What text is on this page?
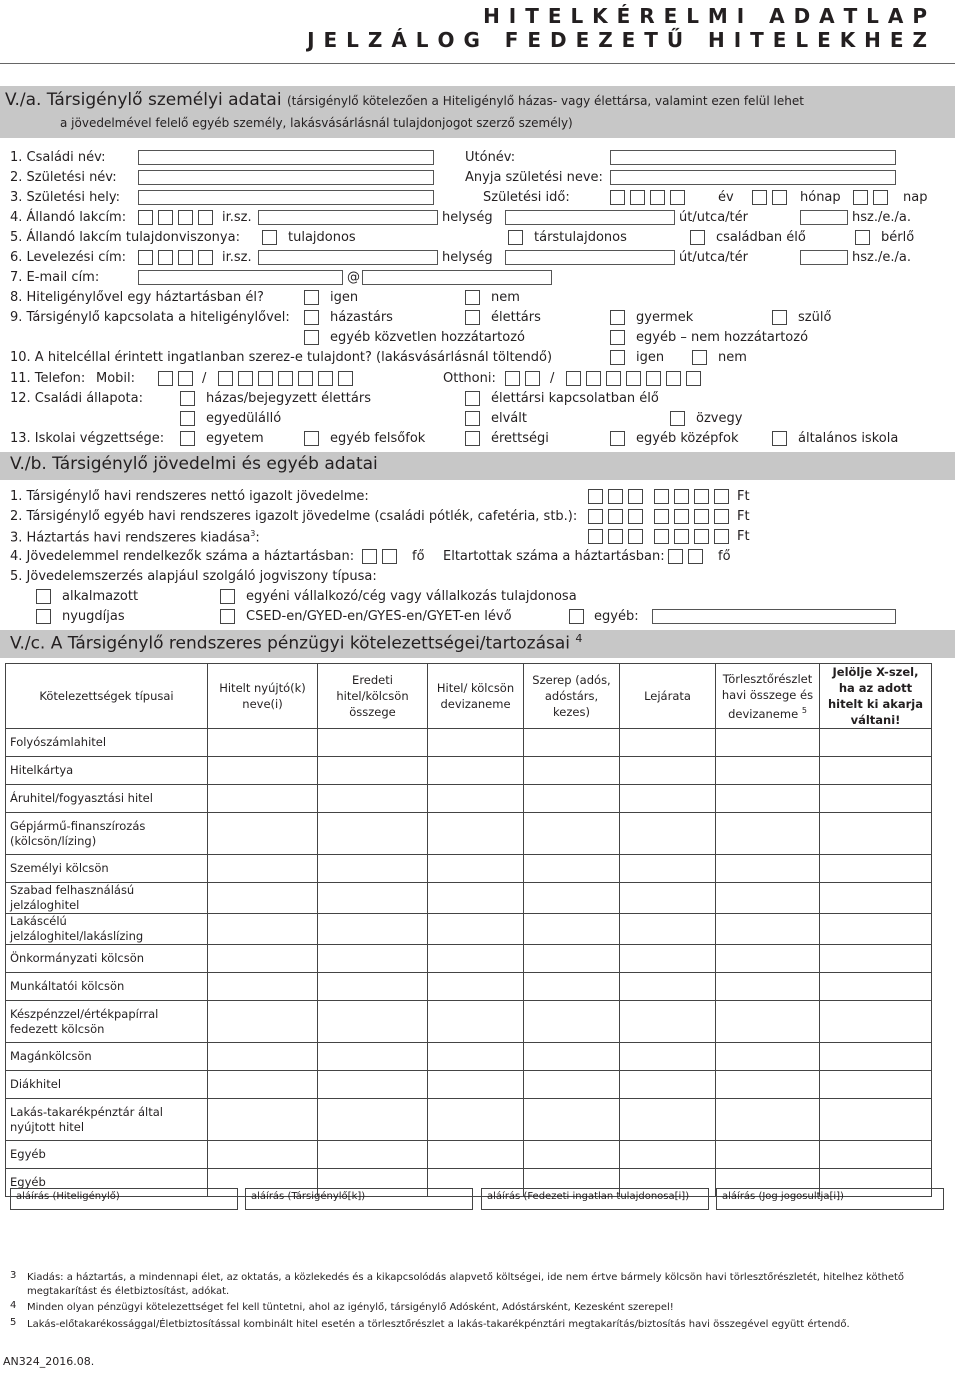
H I T E L K É R E L M I   A D A T L A P
J E L Z Á L O G   F E D E Z E T Ű   H I T E L E K H E Z
V./a. Társigénylő személyi adatai (társigénylő kötelezően a Hiteligénylő házas- vagy élettársa, valamint ezen felül lehet
a jövedelmével felelő egyéb személy, lakásvásárlásnál tulajdonjogot szerző személy)
1. Családi név:	Utónév:
2. Születési név:	Anyja születési neve:
3. Születési hely:	Születési idő:	év	hónap	nap
4. Állandó lakcím:	ir.sz.	helység	út/utca/tér	hsz./e./a.
5. Állandó lakcím tulajdonviszonya:	tulajdonos	társtulajdonos	családban élő	bérlő
6. Levelezési cím:	ir.sz.	helység	út/utca/tér	hsz./e./a.
7. E-mail cím:	@
8. Hiteligénylővel egy háztartásban él?	igen	nem
9. Társigénylő kapcsolata a hiteligénylővel:	házastárs	élettárs	gyermek	szülő
egyéb közvetlen hozzátartozó	egyéb – nem hozzátartozó
10. A hitelcéllal érintett ingatlanban szerez-e tulajdont? (lakásvásárlásnál töltendő)	igen	nem
11. Telefon: Mobil:	/	Otthoni:	/
12. Családi állapota:	házas/bejegyzett élettárs	élettársi kapcsolatban élő
egyedülálló	elvált	özvegy
13. Iskolai végzettsége:	egyetem	egyéb felsőfok	érettségi	egyéb középfok	általános iskola
V./b. Társigénylő jövedelmi és egyéb adatai
1. Társigénylő havi rendszeres nettó igazolt jövedelme:
2. Társigénylő egyéb havi rendszeres igazolt jövedelme (családi pótlék, cafetéria, stb.):
3. Háztartás havi rendszeres kiadása$^3$:
Ft
Ft
Ft
4. Jövedelemmel rendelkezők száma a háztartásban:	fő Eltartottak száma a háztartásban:	fő
5. Jövedelemszerzés alapjául szolgáló jogviszony típusa:
alkalmazott	egyéni vállalkozó/cég vagy vállalkozás tulajdonosa
nyugdíjas	CSED-en/GYED-en/GYES-en/GYET-en lévő	egyéb:
V./c. A Társigénylő rendszeres pénzügyi kötelezettségei/tartozásai $^4$
Kötelezettségek típusai	Hitelt nyújtó(k) neve(i)	Eredeti hitel/kölcsön összege	Hitel/ kölcsön devizaneme	Szerep (adós, adóstárs, kezes)	Lejárata	Törlesztőrészlet havi összege és devizaneme $^5$	Jelölje X-szel, ha az adott hitelt ki akarja váltani!
Folyószámlahitel							
Hitelkártya							
Áruhitel/fogyasztási hitel							
Gépjármű-finanszírozás (kölcsön/lízing)							
Személyi kölcsön							
Szabad felhasználású jelzáloghitel							
Lakáscélú jelzáloghitel/lakáslízing							
Önkormányzati kölcsön							
Munkáltatói kölcsön							
Készpénzzel/értékpapírral fedezett kölcsön							
Magánkölcsön							
Diákhitel							
Lakás-takarékpénztár által nyújtott hitel							
Egyéb							
Egyéb							
aláírás (Hiteligénylő)	aláírás (Társigénylő[k])	aláírás (Fedezeti ingatlan tulajdonosa[i])	aláírás (Jog jogosultja[i])
3 Kiadás: a háztartás, a mindennapi élet, az oktatás, a közlekedés és a kikapcsolódás alapvető költségei, ide nem értve bármely kölcsön havi törlesztőrészletét, hitelhez köthető
megtakarítást és életbiztosítást, adókat.
4 Minden olyan pénzügyi kötelezettséget fel kell tüntetni, ahol az igénylő, társigénylő Adósként, Adóstársként, Kezesként szerepel!
5 Lakás-előtakarékossággal/Életbiztosítással kombinált hitel esetén a törlesztőrészlet a lakás-takarékpénztári megtakarítás/biztosítás havi összegével együtt értendő.
AN324_2016.08.
